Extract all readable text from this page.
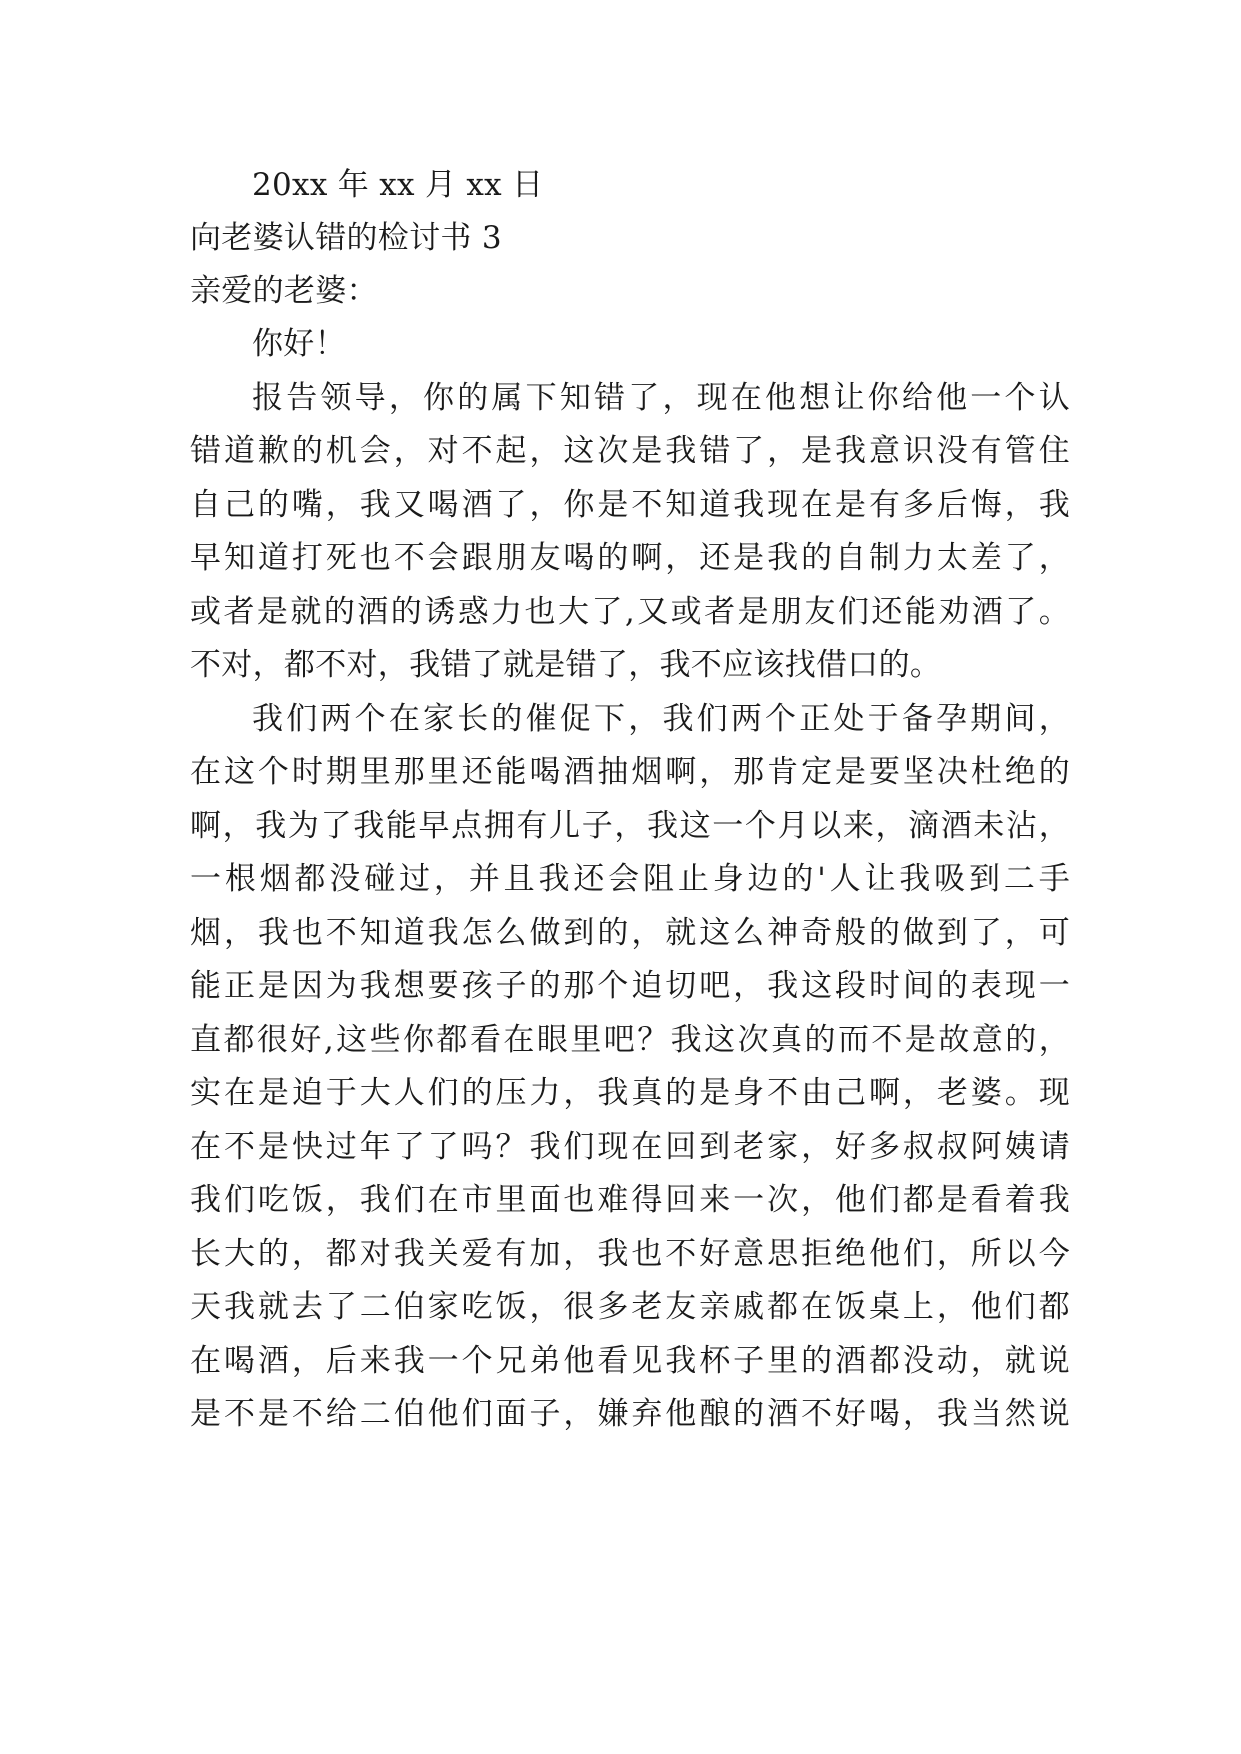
20xx 年 xx 月 xx 日
向老婆认错的检讨书 3
亲爱的老婆：
你好！
报告领导，你的属下知错了，现在他想让你给他一个认
错道歉的机会，对不起，这次是我错了，是我意识没有管住
自己的嘴，我又喝酒了，你是不知道我现在是有多后悔，我
早知道打死也不会跟朋友喝的啊，还是我的自制力太差了，
或者是就的酒的诱惑力也大了,又或者是朋友们还能劝酒了。
不对，都不对，我错了就是错了，我不应该找借口的。
我们两个在家长的催促下，我们两个正处于备孕期间，
在这个时期里那里还能喝酒抽烟啊，那肯定是要坚决杜绝的
啊，我为了我能早点拥有儿子，我这一个月以来，滴酒未沾，
一根烟都没碰过，并且我还会阻止身边的'人让我吸到二手
烟，我也不知道我怎么做到的，就这么神奇般的做到了，可
能正是因为我想要孩子的那个迫切吧，我这段时间的表现一
直都很好,这些你都看在眼里吧？我这次真的而不是故意的，
实在是迫于大人们的压力，我真的是身不由己啊，老婆。现
在不是快过年了了吗？我们现在回到老家，好多叔叔阿姨请
我们吃饭，我们在市里面也难得回来一次，他们都是看着我
长大的，都对我关爱有加，我也不好意思拒绝他们，所以今
天我就去了二伯家吃饭，很多老友亲戚都在饭桌上，他们都
在喝酒，后来我一个兄弟他看见我杯子里的酒都没动，就说
是不是不给二伯他们面子，嫌弃他酿的酒不好喝，我当然说
